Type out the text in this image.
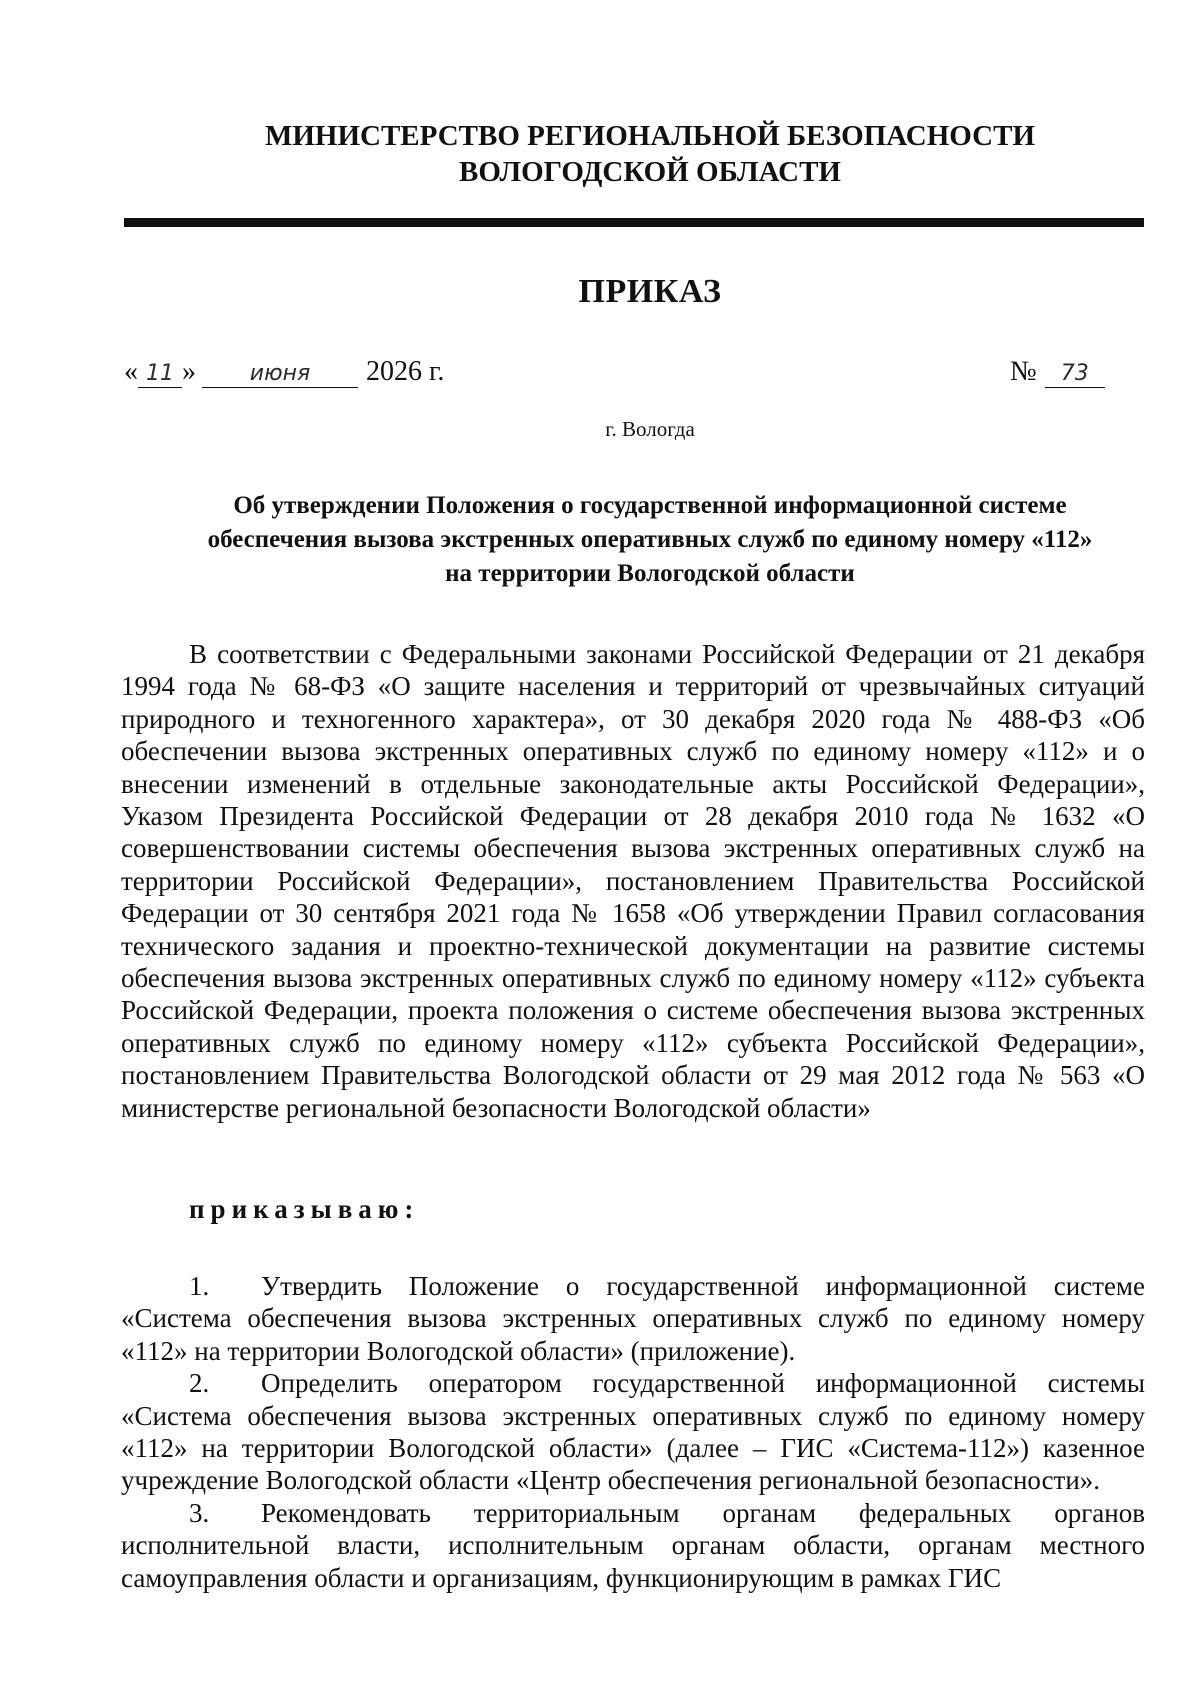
МИНИСТЕРСТВО РЕГИОНАЛЬНОЙ БЕЗОПАСНОСТИ
ВОЛОГОДСКОЙ ОБЛАСТИ
ПРИКАЗ
« 11 »	июня	2026 г.	№	73
г. Вологда
Об утверждении Положения о государственной информационной системе
обеспечения вызова экстренных оперативных служб по единому номеру «112»
на территории Вологодской области

В соответствии с Федеральными законами Российской Федерации от 21 декабря 1994 года № 68-ФЗ «О защите населения и территорий от чрезвычайных ситуаций природного и техногенного характера», от 30 декабря 2020 года № 488-ФЗ «Об обеспечении вызова экстренных оперативных служб по единому номеру «112» и о внесении изменений в отдельные законодательные акты Российской Федерации», Указом Президента Российской Федерации от 28 декабря 2010 года № 1632 «О совершенствовании системы обеспечения вызова экстренных оперативных служб на территории Российской Федерации», постановлением Правительства Российской Федерации от 30 сентября 2021 года № 1658 «Об утверждении Правил согласования технического задания и проектно-технической документации на развитие системы обеспечения вызова экстренных оперативных служб по единому номеру «112» субъекта Российской Федерации, проекта положения о системе обеспечения вызова экстренных оперативных служб по единому номеру «112» субъекта Российской Федерации», постановлением Правительства Вологодской области от 29 мая 2012 года № 563 «О министерстве региональной безопасности Вологодской области»

приказываю:

1. Утвердить Положение о государственной информационной системе «Система обеспечения вызова экстренных оперативных служб по единому номеру «112» на территории Вологодской области» (приложение).

2. Определить оператором государственной информационной системы «Система обеспечения вызова экстренных оперативных служб по единому номеру «112» на территории Вологодской области» (далее – ГИС «Система-112») казенное учреждение Вологодской области «Центр обеспечения региональной безопасности».

3. Рекомендовать территориальным органам федеральных органов исполнительной власти, исполнительным органам области, органам местного самоуправления области и организациям, функционирующим в рамках ГИС
